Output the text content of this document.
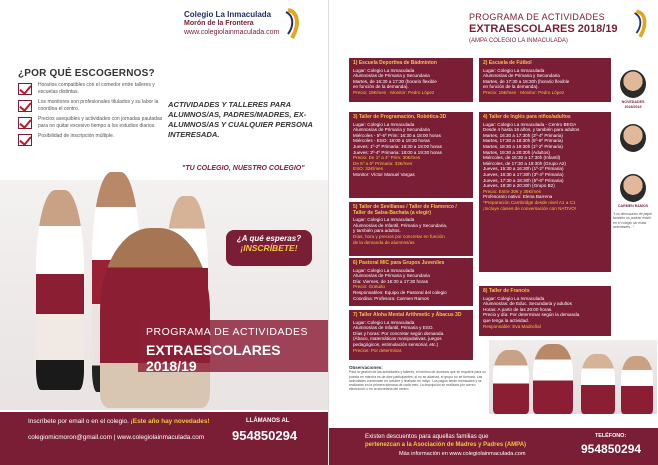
Colegio La Inmaculada
Morón de la Frontera
www.colegiolainmaculada.com
¿POR QUÉ ESCOGERNOS?
Horarios compatibles con el comedor entre talleres y escuelas distintas.
Los monitores son profesionales titulados y su labor la coordina el centro.
Precios asequibles y actividades con jornadas pautadas para no quitar excesivo tiempo a los estudios diarios.
Posibilidad de inscripción múltiple.
ACTIVIDADES Y TALLERES PARA ALUMNOS/AS, PADRES/MADRES, EX-ALUMNOS/AS Y CUALQUIER PERSONA INTERESADA.
"TU COLEGIO, NUESTRO COLEGIO"
¿A qué esperas?
¡INSCRÍBETE!
PROGRAMA DE ACTIVIDADES
EXTRAESCOLARES 2018/19
Inscríbete por email o en el colegio. ¡Este año hay novedades!
colegiomicmoron@gmail.com | www.colegiolainmaculada.com
LLÁMANOS AL
954850294
PROGRAMA DE ACTIVIDADES
EXTRAESCOLARES 2018/19
(AMPA COLEGIO LA INMACULADA)
1) Escuela Deportiva de Bádminton
Lugar: Colegio La Inmaculada
Alumnos/as de Primaria y Secundaria
Martes, de 16:30 a 17:30 (horario flexible
en función de la demanda).
Precio: 15€/mes · Monitor: Pedro López
2) Escuela de Fútbol
Lugar: Colegio La Inmaculada
Alumnos/as de Primaria y Secundaria
Martes, de 17:30 a 18:30h (horario flexible
en función de la demanda).
Precio: 15€/mes · Monitor: Pedro López
3) Taller de Programación, Robótica-3D
Lugar: Colegio La Inmaculada
Alumnos/as de Primaria y Secundaria
Miércoles - 5º-6º Prim: 16:30 a 18:00 horas
Miércoles - ESO: 18:00 a 19:30 horas
Jueves: 1º-2º Primaria: 16:30 a 18:00 horas
Jueves: 3º-4º Primaria: 18:00 a 19:30 horas
Precio: De 1º a 4º Prim: 30€/mes
De 5º a 6º Primaria: 32€/mes
ESO: 32€/mes
Monitor: Víctor Manuel Vargas
4) Taller de Inglés para niños/adultos
Lugar: Colegio La Inmaculada - Centro BEGA
Desde 4 hasta 16 años, y también para adultos
Martes, 16:30 a 17:30h (3º-4º Primaria)
Martes, 17:30 a 18:30h (5º-6º Primaria)
Martes, 18:30 a 19:30h (1º-2º Primaria)
Martes, 19:30 a 20:30h (Adultos)
Miércoles, de 16:30 a 17:30h (Infantil)
Miércoles, de 17:30 a 19:30h (Grupo A2)
Jueves, 15:30 a 16:30h (1º-2º Primaria)
Jueves, 16:30 a 17:30h (3º-4º Primaria)
Jueves, 17:30 a 18:30h (5º-6º Primaria)
Jueves, 18:30 a 20:30h (Grupo B2)
Precio: Entre 30€ y 35€/mes
Profesora/o nativo: Elena Barrena
*Preparación Cambridge desde nivel A1 a C1
¡Incluye clases de conversación con NATIVO!
5) Taller de Sevillanas / Taller de Flamenco / Taller de Salsa-Bachata (a elegir)
Lugar: Colegio La Inmaculada
Alumnos/as de Infantil, Primaria y Secundaria,
y también para adultos.
Días, hora y precios por concretar en función
de la demanda de alumnos/as
6) Pastoral MIC para Grupos Juveniles
Lugar: Colegio La Inmaculada
Alumnos/as de Primaria y Secundaria
Día: Viernes, de 16:30 a 17:30 horas
Precio: Gratuito
Responsables: Equipo de Pastoral del colegio
Coordina: Profesora: Carmen Ramos
7) Taller Aloha Mental Arithmetic y Ábacus 3D
Lugar: Colegio La Inmaculada
Alumnos/as de Infantil, Primaria y ESO.
Días y horas: Por concretar según demanda.
(Ábaco, matemáticas manipulativas, juegos
pedagógicos, estimulación sensorial, etc.)
Precios: Por determinar.
8) Taller de Francés
Lugar: Colegio La Inmaculada
Alumnos/as: de Educ. Secundaria y adultos
Horas: A partir de las 20:00 horas.
Precio y día: Por determinar según la demanda
que tenga la actividad.
Responsable: Eva Madroñal
NOVEDADES 2018/2019
CARMEN RAMOS
"Los dinosaurios de papel también no podrán existir en el colegio sin estas actividades..."
Observaciones:
Para la gestión de las actividades y talleres, el mínimo de alumnos que se requiere para su puesta en marcha es de diez participantes; si no se alcanza, el grupo no se formará. Las actividades comienzan en octubre y finalizan en mayo. Los pagos serán mensuales y se realizarán en la primera semana de cada mes. La inscripción se realizará por correo electrónico o en la secretaría del centro.
Existen descuentos para aquellas familias que
pertenezcan a la Asociación de Madres y Padres (AMPA)
Más información en www.colegiolainmaculada.com
TELÉFONO:
954850294
